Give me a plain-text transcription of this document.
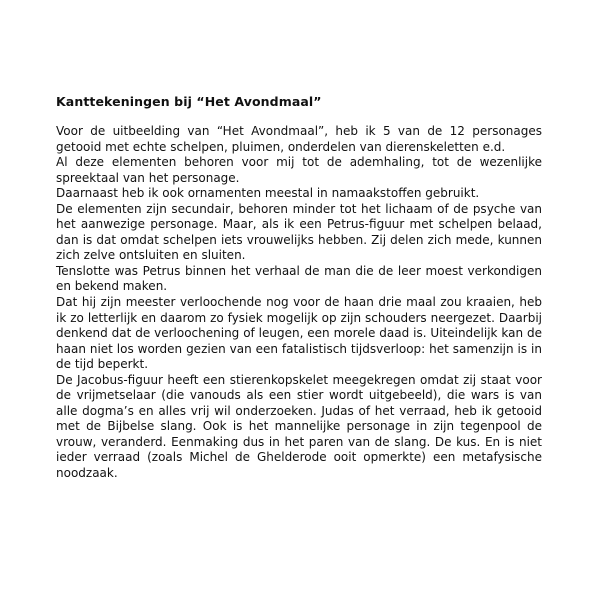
Kanttekeningen bij “Het Avondmaal”

Voor de uitbeelding van “Het Avondmaal”, heb ik 5 van de 12 personages getooid met echte schelpen, pluimen, onderdelen van dierenskeletten e.d.

Al deze elementen behoren voor mij tot de ademhaling, tot de wezenlijke spreektaal van het personage.

Daarnaast heb ik ook ornamenten meestal in namaakstoffen gebruikt.

De elementen zijn secundair, behoren minder tot het lichaam of de psyche van het aanwezige personage. Maar, als ik een Petrus-figuur met schelpen belaad, dan is dat omdat schelpen iets vrouwelijks hebben. Zij delen zich mede, kunnen zich zelve ontsluiten en sluiten.

Tenslotte was Petrus binnen het verhaal de man die de leer moest verkondigen en bekend maken.

Dat hij zijn meester verloochende nog voor de haan drie maal zou kraaien, heb ik zo letterlijk en daarom zo fysiek mogelijk op zijn schouders neergezet. Daarbij denkend dat de verloochening of leugen, een morele daad is. Uiteindelijk kan de haan niet los worden gezien van een fatalistisch tijdsverloop: het samenzijn is in de tijd beperkt.

De Jacobus-figuur heeft een stierenkopskelet meegekregen omdat zij staat voor de vrijmetselaar (die vanouds als een stier wordt uitgebeeld), die wars is van alle dogma’s en alles vrij wil onderzoeken. Judas of het verraad, heb ik getooid met de Bijbelse slang. Ook is het mannelijke personage in zijn tegenpool de vrouw, veranderd. Eenmaking dus in het paren van de slang. De kus. En is niet ieder verraad (zoals Michel de Ghelderode ooit opmerkte) een metafysische noodzaak.
